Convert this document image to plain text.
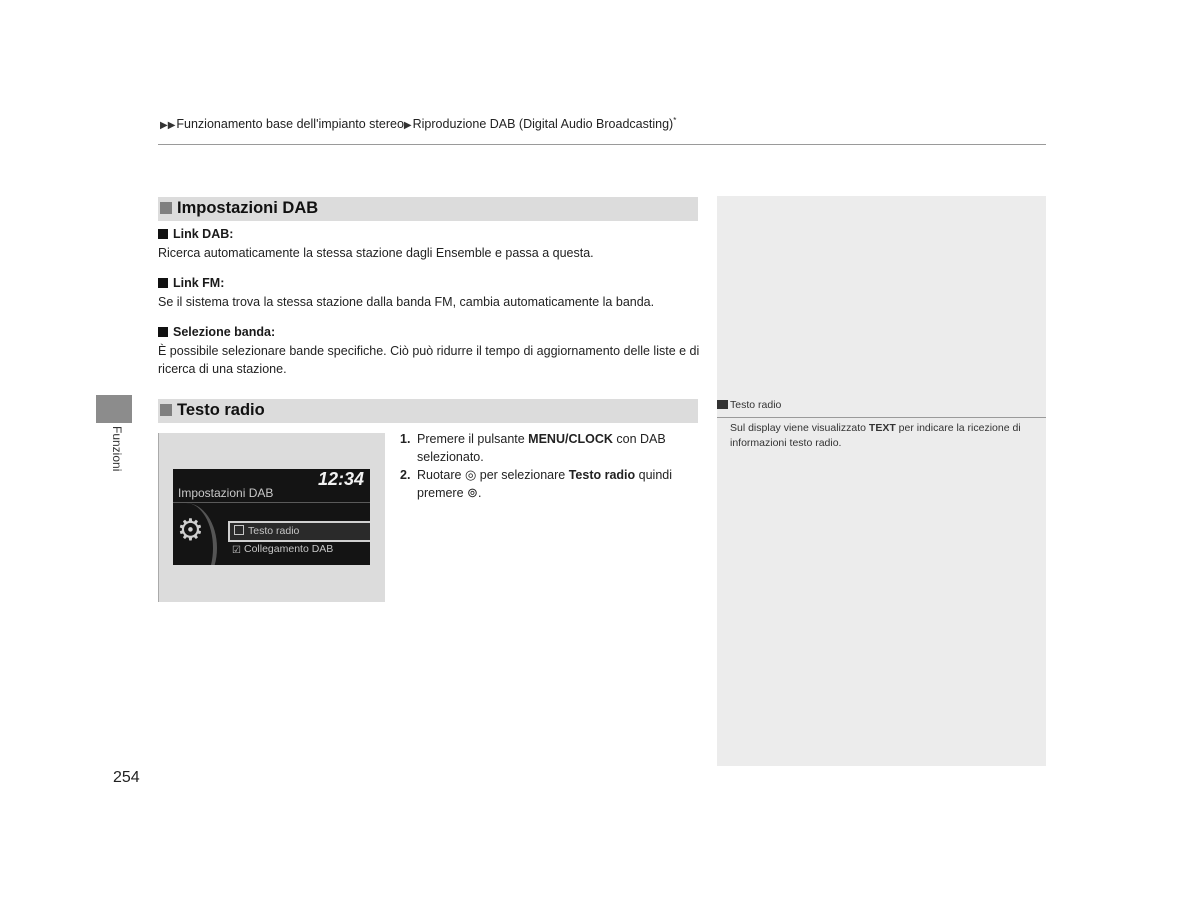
▶▶Funzionamento base dell'impianto stereo▶Riproduzione DAB (Digital Audio Broadcasting)*
Impostazioni DAB
Link DAB:
Ricerca automaticamente la stessa stazione dagli Ensemble e passa a questa.
Link FM:
Se il sistema trova la stessa stazione dalla banda FM, cambia automaticamente la banda.
Selezione banda:
È possibile selezionare bande specifiche. Ciò può ridurre il tempo di aggiornamento delle liste e di ricerca di una stazione.
Testo radio
12:34
Impostazioni DAB
⚙	Testo radio
☑ Collegamento DAB
1. Premere il pulsante MENU/CLOCK con DAB
selezionato.
2. Ruotare ◎ per selezionare Testo radio quindi
premere ⊚.
Testo radio
Sul display viene visualizzato TEXT per indicare la ricezione di informazioni testo radio.
Funzioni
254
